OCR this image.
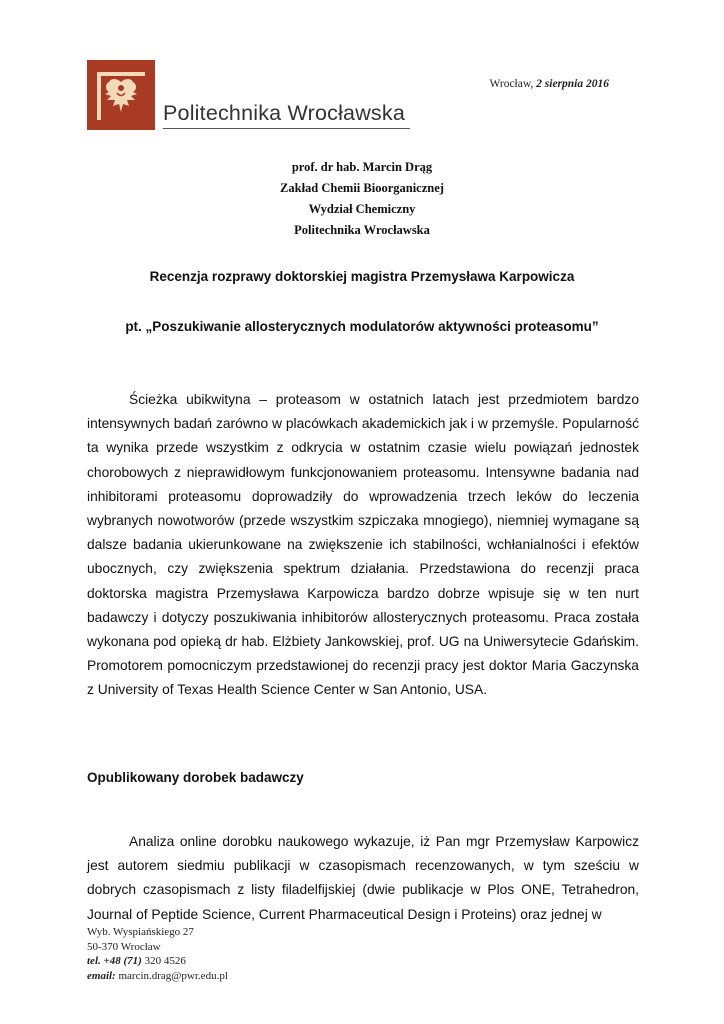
Politechnika Wrocławska
Wrocław, 2 sierpnia 2016
prof. dr hab. Marcin Drąg
Zakład Chemii Bioorganicznej
Wydział Chemiczny
Politechnika Wrocławska
Recenzja rozprawy doktorskiej magistra Przemysława Karpowicza
pt. „Poszukiwanie allosterycznych modulatorów aktywności proteasomu”

Ścieżka ubikwityna – proteasom w ostatnich latach jest przedmiotem bardzo intensywnych badań zarówno w placówkach akademickich jak i w przemyśle. Popularność ta wynika przede wszystkim z odkrycia w ostatnim czasie wielu powiązań jednostek chorobowych z nieprawidłowym funkcjonowaniem proteasomu. Intensywne badania nad inhibitorami proteasomu doprowadziły do wprowadzenia trzech leków do leczenia wybranych nowotworów (przede wszystkim szpiczaka mnogiego), niemniej wymagane są dalsze badania ukierunkowane na zwiększenie ich stabilności, wchłanialności i efektów ubocznych, czy zwiększenia spektrum działania. Przedstawiona do recenzji praca doktorska magistra Przemysława Karpowicza bardzo dobrze wpisuje się w ten nurt badawczy i dotyczy poszukiwania inhibitorów allosterycznych proteasomu. Praca została wykonana pod opieką dr hab. Elżbiety Jankowskiej, prof. UG na Uniwersytecie Gdańskim. Promotorem pomocniczym przedstawionej do recenzji pracy jest doktor Maria Gaczynska z University of Texas Health Science Center w San Antonio, USA.

Opublikowany dorobek badawczy

Analiza online dorobku naukowego wykazuje, iż Pan mgr Przemysław Karpowicz jest autorem siedmiu publikacji w czasopismach recenzowanych, w tym sześciu w dobrych czasopismach z listy filadelfijskiej (dwie publikacje w Plos ONE, Tetrahedron, Journal of Peptide Science, Current Pharmaceutical Design i Proteins) oraz jednej w

Wyb. Wyspiańskiego 27
50-370 Wrocław
tel. +48 (71) 320 4526
email: marcin.drag@pwr.edu.pl
